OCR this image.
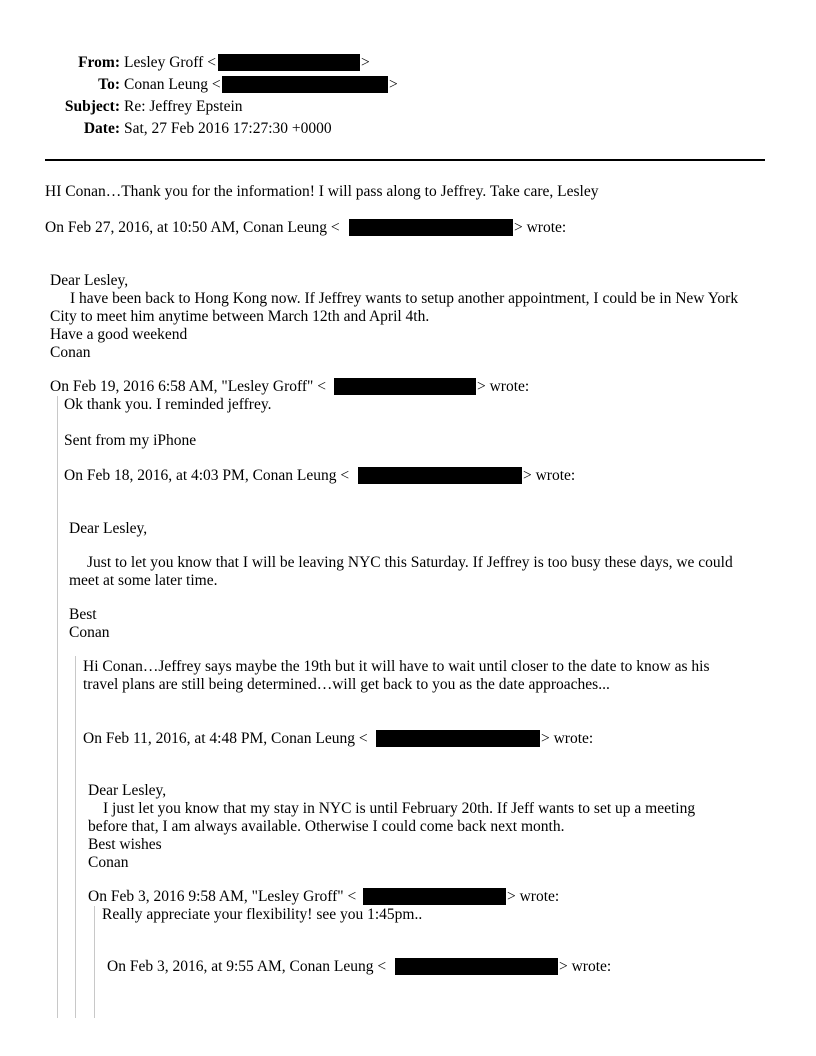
From: Lesley Groff <	>
To: Conan Leung <	>
Subject: Re: Jeffrey Epstein
Date: Sat, 27 Feb 2016 17:27:30 +0000
HI Conan…Thank you for the information! I will pass along to Jeffrey. Take care, Lesley
On Feb 27, 2016, at 10:50 AM, Conan Leung <	> wrote:
Dear Lesley,
I have been back to Hong Kong now. If Jeffrey wants to setup another appointment, I could be in New York
City to meet him anytime between March 12th and April 4th.
Have a good weekend
Conan
On Feb 19, 2016 6:58 AM, "Lesley Groff" <	> wrote:
Ok thank you. I reminded jeffrey.
Sent from my iPhone
On Feb 18, 2016, at 4:03 PM, Conan Leung <	> wrote:
Dear Lesley,
Just to let you know that I will be leaving NYC this Saturday. If Jeffrey is too busy these days, we could
meet at some later time.
Best
Conan
Hi Conan…Jeffrey says maybe the 19th but it will have to wait until closer to the date to know as his
travel plans are still being determined…will get back to you as the date approaches...
On Feb 11, 2016, at 4:48 PM, Conan Leung <	> wrote:
Dear Lesley,
I just let you know that my stay in NYC is until February 20th. If Jeff wants to set up a meeting
before that, I am always available. Otherwise I could come back next month.
Best wishes
Conan
On Feb 3, 2016 9:58 AM, "Lesley Groff" <	> wrote:
Really appreciate your flexibility! see you 1:45pm..
On Feb 3, 2016, at 9:55 AM, Conan Leung <	> wrote:
